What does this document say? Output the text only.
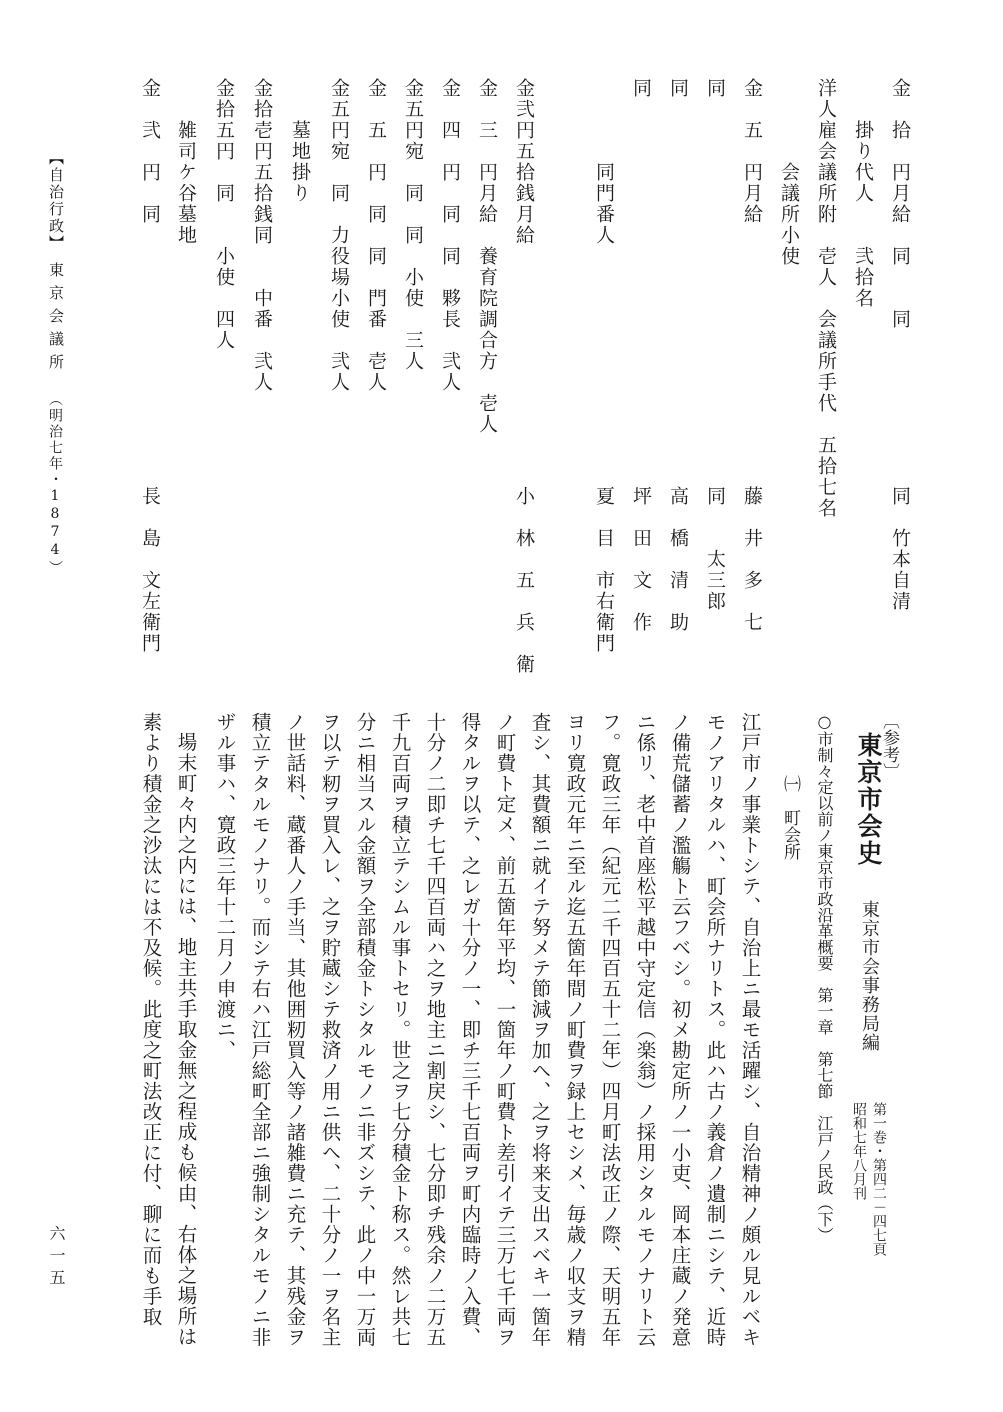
金　拾　円月給　同　　同
　　掛り代人　　弐拾名
洋人雇会議所附　壱人　会議所手代　五拾七名
　　　　会議所小使
金　五　円月給
同
同
同
　　　　同門番人
金弐円五拾銭月給
金　三　円月給　養育院調合方　壱人
金　四　円　同　同　夥長　弐人
金五円宛　同　同　小使　三人
金　五　円　同　同　門番　壱人
金五円宛　同　力役場小使　弐人
　　墓地掛り
金拾壱円五拾銭同　　中番　弐人
金拾五円　同　　小使　四人
　　雑司ケ谷墓地
金　弐　円　同
同　竹本自清
藤　井　多　七
同　　太三郎
高　橋　清　助
坪　田　文　作
夏　目　市右衛門
小　林　五　兵　衛
長　島　文左衛門
【自治行政】
東京会議所
（明治七年・1874）
〔参考〕
東京市会史
東京市会事務局編
第一巻・第四二－四七頁
昭和七年八月刊
○市制々定以前ノ東京市政沿革概要　第一章　第七節　江戸ノ民政（下）
㈠　町会所
江戸市ノ事業トシテ、自治上ニ最モ活躍シ、自治精神ノ頗ル見ルベキ
モノアリタルハ、町会所ナリトス。此ハ古ノ義倉ノ遺制ニシテ、近時
ノ備荒儲蓄ノ濫觴ト云フベシ。初メ勘定所ノ一小吏、岡本庄蔵ノ発意
ニ係リ、老中首座松平越中守定信（楽翁）ノ採用シタルモノナリト云
フ。寛政三年（紀元二千四百五十二年）四月町法改正ノ際、天明五年
ヨリ寛政元年ニ至ル迄五箇年間ノ町費ヲ録上セシメ、毎歳ノ収支ヲ精
査シ、其費額ニ就イテ努メテ節減ヲ加ヘ、之ヲ将来支出スベキ一箇年
ノ町費ト定メ、前五箇年平均、一箇年ノ町費ト差引イテ三万七千両ヲ
得タルヲ以テ、之レガ十分ノ一、即チ三千七百両ヲ町内臨時ノ入費、
十分ノ二即チ七千四百両ハ之ヲ地主ニ割戻シ、七分即チ残余ノ二万五
千九百両ヲ積立テシムル事トセリ。世之ヲ七分積金ト称ス。然レ共七
分ニ相当スル金額ヲ全部積金トシタルモノニ非ズシテ、此ノ中一万両
ヲ以テ籾ヲ買入レ、之ヲ貯蔵シテ救済ノ用ニ供ヘ、二十分ノ一ヲ名主
ノ世話料、蔵番人ノ手当、其他囲籾買入等ノ諸雑費ニ充テ、其残金ヲ
積立テタルモノナリ。而シテ右ハ江戸総町全部ニ強制シタルモノニ非
ザル事ハ、寛政三年十二月ノ申渡ニ、
場末町々内之内には、地主共手取金無之程成も候由、右体之場所は
素より積金之沙汰には不及候。此度之町法改正に付、聊に而も手取
六一五
